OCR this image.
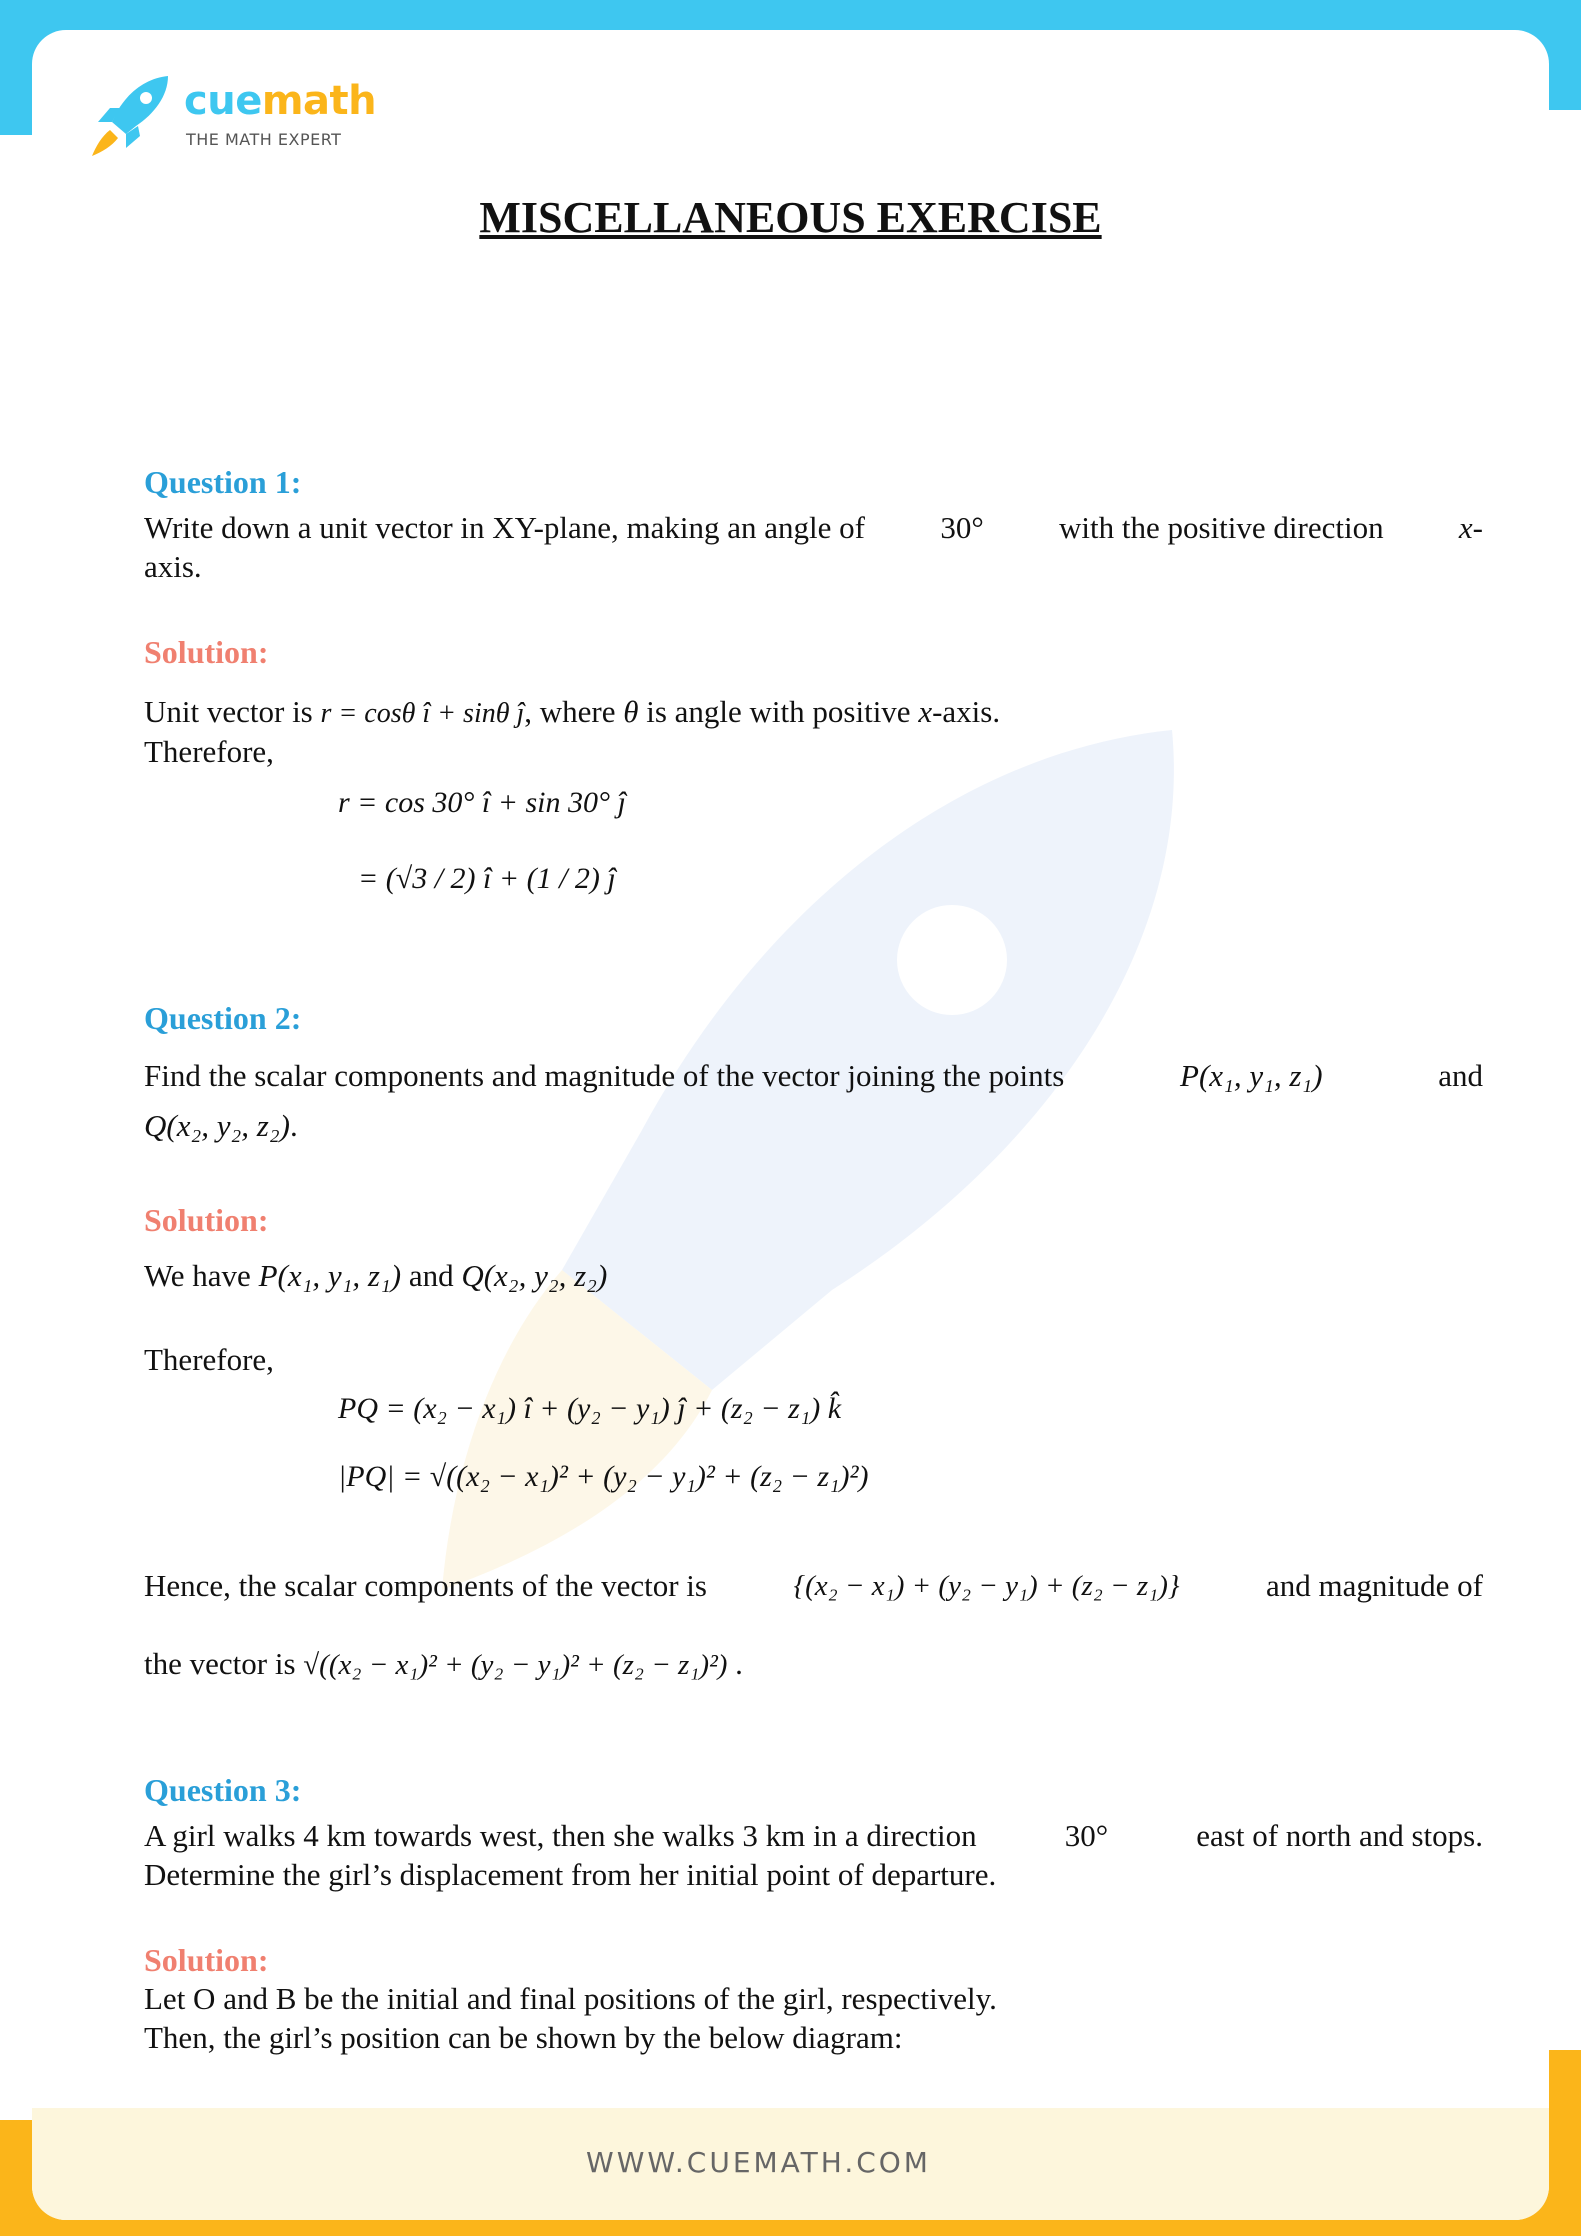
cuemath
THE MATH EXPERT
MISCELLANEOUS EXERCISE
Question 1:
Write down a unit vector in XY-plane, making an angle of 30° with the positive direction x-
axis.
Solution:
Unit vector is r = cosθ î + sinθ ĵ, where θ is angle with positive x-axis.
Therefore,
r = cos 30° î + sin 30° ĵ
= (√3 / 2) î + (1 / 2) ĵ
Question 2:
Find the scalar components and magnitude of the vector joining the points	P(x₁, y₁, z₁)	and
Q(x₂, y₂, z₂).
Solution:
We have P(x₁, y₁, z₁) and Q(x₂, y₂, z₂)
Therefore,
PQ = (x₂ − x₁) î + (y₂ − y₁) ĵ + (z₂ − z₁) k̂
|PQ| = √((x₂ − x₁)² + (y₂ − y₁)² + (z₂ − z₁)²)
Hence, the scalar components of the vector is	{(x₂ − x₁) + (y₂ − y₁) + (z₂ − z₁)}	and magnitude of
the vector is √((x₂ − x₁)² + (y₂ − y₁)² + (z₂ − z₁)²) .
Question 3:
A girl walks 4 km towards west, then she walks 3 km in a direction	30°	east of north and stops.
Determine the girl’s displacement from her initial point of departure.
Solution:
Let O and B be the initial and final positions of the girl, respectively.
Then, the girl’s position can be shown by the below diagram:
WWW.CUEMATH.COM
